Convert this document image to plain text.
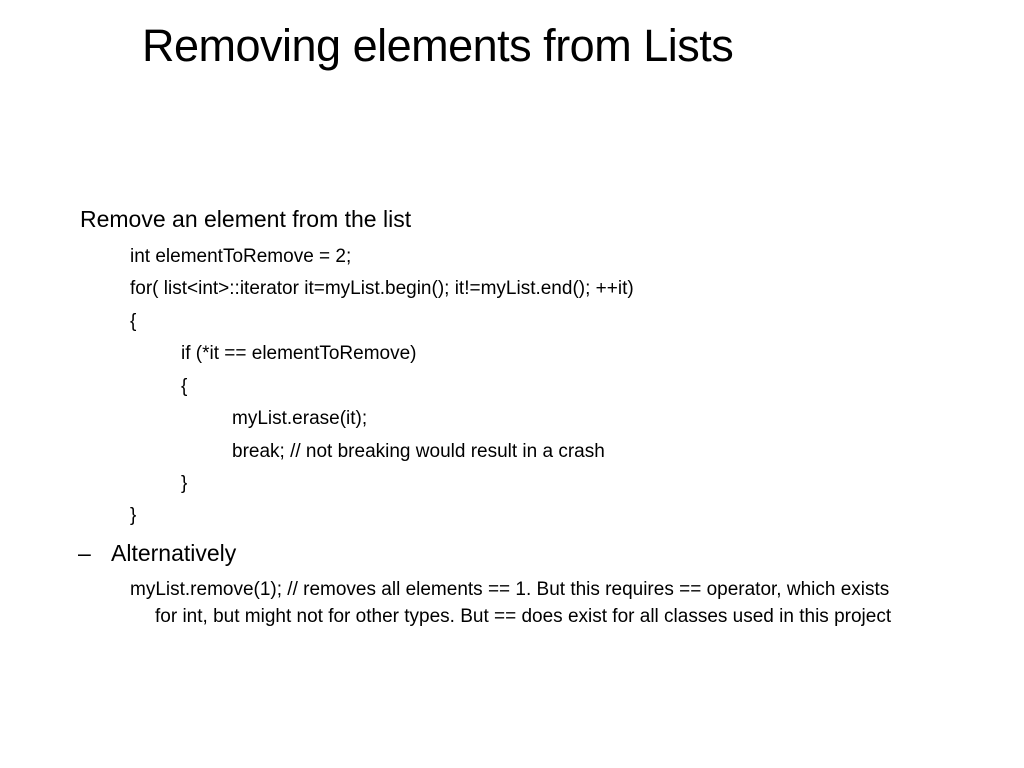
Removing elements from Lists
Remove an element from the list
int elementToRemove = 2;
for( list<int>::iterator it=myList.begin(); it!=myList.end(); ++it)
{
if (*it == elementToRemove)
{
myList.erase(it);
break; // not breaking would result in a crash
}
}
– Alternatively
myList.remove(1); // removes all elements == 1. But this requires == operator, which exists
for int, but might not for other types. But == does exist for all classes used in this project
